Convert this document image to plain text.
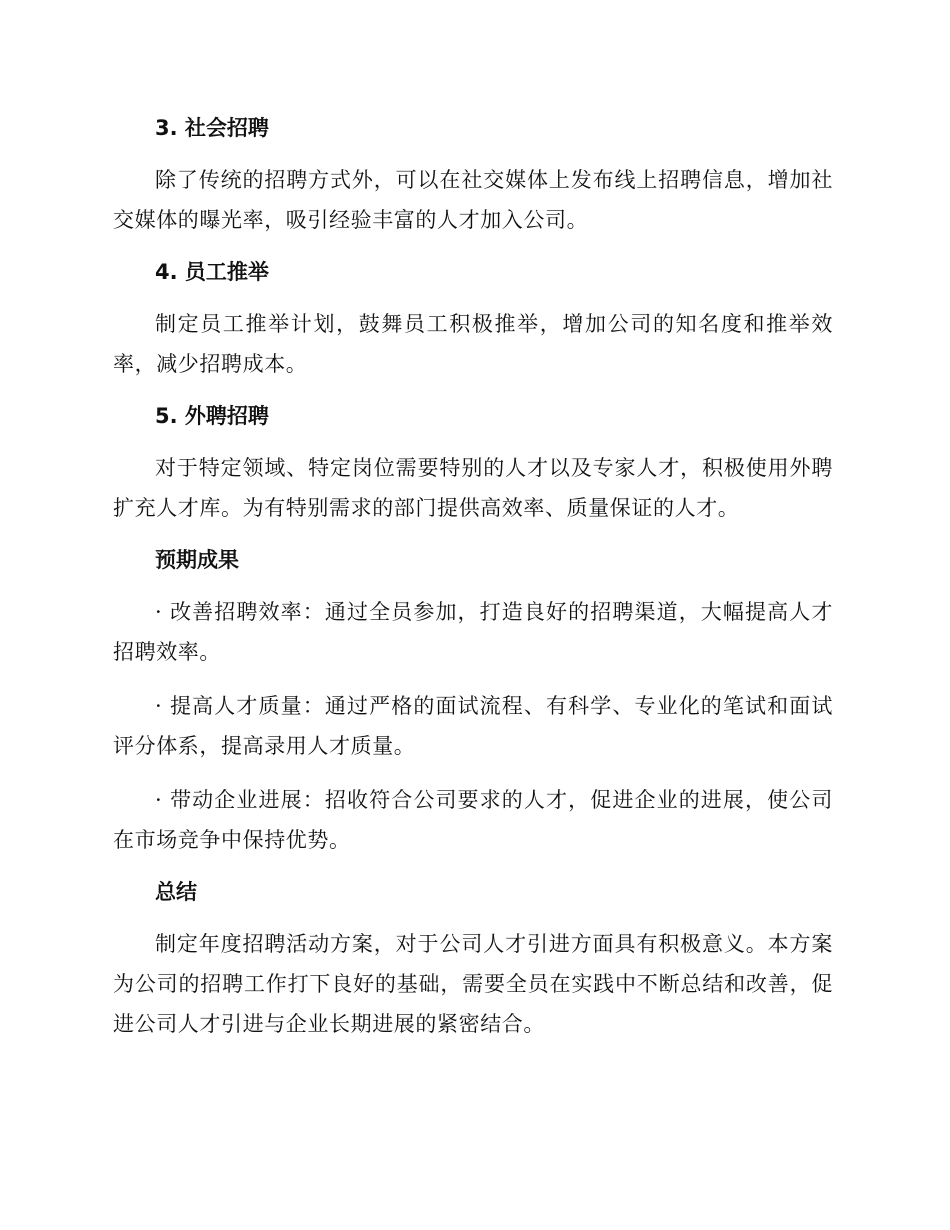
3. 社会招聘

除了传统的招聘方式外，可以在社交媒体上发布线上招聘信息，增加社交媒体的曝光率，吸引经验丰富的人才加入公司。

4. 员工推举

制定员工推举计划，鼓舞员工积极推举，增加公司的知名度和推举效率，减少招聘成本。

5. 外聘招聘

对于特定领域、特定岗位需要特别的人才以及专家人才，积极使用外聘扩充人才库。为有特别需求的部门提供高效率、质量保证的人才。

预期成果

· 改善招聘效率：通过全员参加，打造良好的招聘渠道，大幅提高人才招聘效率。

· 提高人才质量：通过严格的面试流程、有科学、专业化的笔试和面试评分体系，提高录用人才质量。

· 带动企业进展：招收符合公司要求的人才，促进企业的进展，使公司在市场竞争中保持优势。

总结

制定年度招聘活动方案，对于公司人才引进方面具有积极意义。本方案为公司的招聘工作打下良好的基础，需要全员在实践中不断总结和改善，促进公司人才引进与企业长期进展的紧密结合。
